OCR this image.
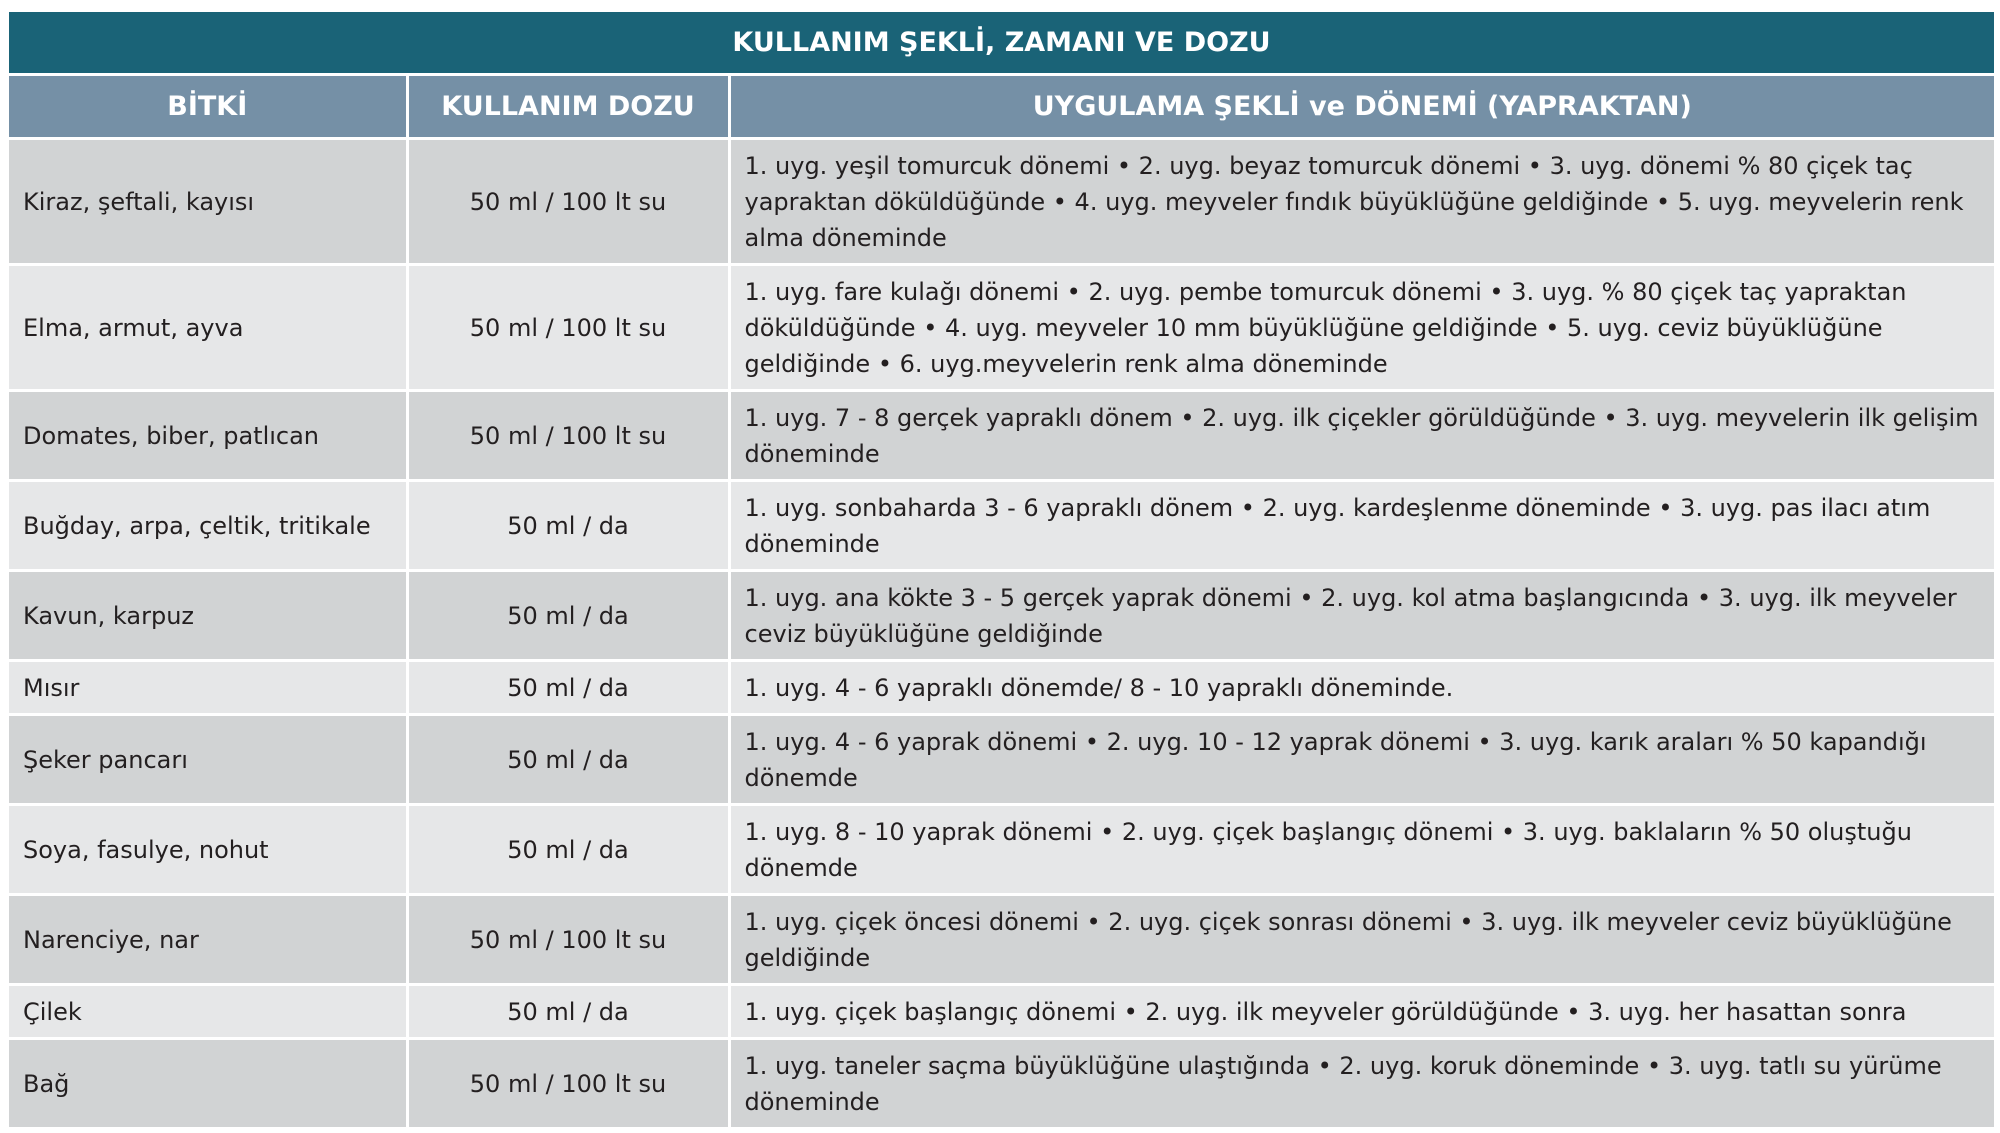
KULLANIM ŞEKLİ, ZAMANI VE DOZU		
BİTKİ	KULLANIM DOZU	UYGULAMA ŞEKLİ ve DÖNEMİ (YAPRAKTAN)
Kiraz, şeftali, kayısı	50 ml / 100 lt su	1. uyg. yeşil tomurcuk dönemi • 2. uyg. beyaz tomurcuk dönemi • 3. uyg. dönemi % 80 çiçek taç yapraktan döküldüğünde • 4. uyg. meyveler fındık büyüklüğüne geldiğinde • 5. uyg. meyvelerin renk alma döneminde
Elma, armut, ayva	50 ml / 100 lt su	1. uyg. fare kulağı dönemi • 2. uyg. pembe tomurcuk dönemi • 3. uyg. % 80 çiçek taç yapraktan döküldüğünde • 4. uyg. meyveler 10 mm büyüklüğüne geldiğinde • 5. uyg. ceviz büyüklüğüne geldiğinde • 6. uyg.meyvelerin renk alma döneminde
Domates, biber, patlıcan	50 ml / 100 lt su	1. uyg. 7 - 8 gerçek yapraklı dönem • 2. uyg. ilk çiçekler görüldüğünde • 3. uyg. meyvelerin ilk gelişim döneminde
Buğday, arpa, çeltik, tritikale	50 ml / da	1. uyg. sonbaharda 3 - 6 yapraklı dönem • 2. uyg. kardeşlenme döneminde • 3. uyg. pas ilacı atım döneminde
Kavun, karpuz	50 ml / da	1. uyg. ana kökte 3 - 5 gerçek yaprak dönemi • 2. uyg. kol atma başlangıcında • 3. uyg. ilk meyveler ceviz büyüklüğüne geldiğinde
Mısır	50 ml / da	1. uyg. 4 - 6 yapraklı dönemde/ 8 - 10 yapraklı döneminde.
Şeker pancarı	50 ml / da	1. uyg. 4 - 6 yaprak dönemi • 2. uyg. 10 - 12 yaprak dönemi • 3. uyg. karık araları % 50 kapandığı dönemde
Soya, fasulye, nohut	50 ml / da	1. uyg. 8 - 10 yaprak dönemi • 2. uyg. çiçek başlangıç dönemi • 3. uyg. baklaların % 50 oluştuğu dönemde
Narenciye, nar	50 ml / 100 lt su	1. uyg. çiçek öncesi dönemi • 2. uyg. çiçek sonrası dönemi • 3. uyg. ilk meyveler ceviz büyüklüğüne geldiğinde
Çilek	50 ml / da	1. uyg. çiçek başlangıç dönemi • 2. uyg. ilk meyveler görüldüğünde • 3. uyg. her hasattan sonra
Bağ	50 ml / 100 lt su	1. uyg. taneler saçma büyüklüğüne ulaştığında • 2. uyg. koruk döneminde • 3. uyg. tatlı su yürüme döneminde
